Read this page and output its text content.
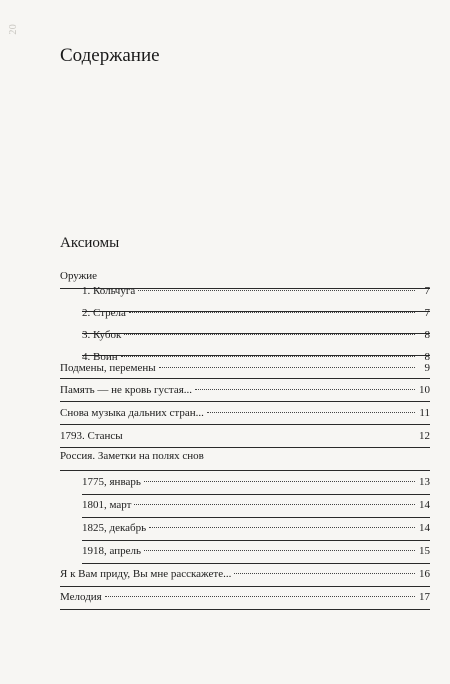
Содержание
Аксиомы
Оружие
1. Кольчуга	7
2. Стрела	7
3. Кубок	8
4. Воин	8
Подмены, перемены	9
Память — не кровь густая...	10
Снова музыка дальних стран...	11
1793. Стансы	12
Россия. Заметки на полях снов
1775, январь	13
1801, март	14
1825, декабрь	14
1918, апрель	15
Я к Вам приду, Вы мне расскажете...	16
Мелодия	17
20
